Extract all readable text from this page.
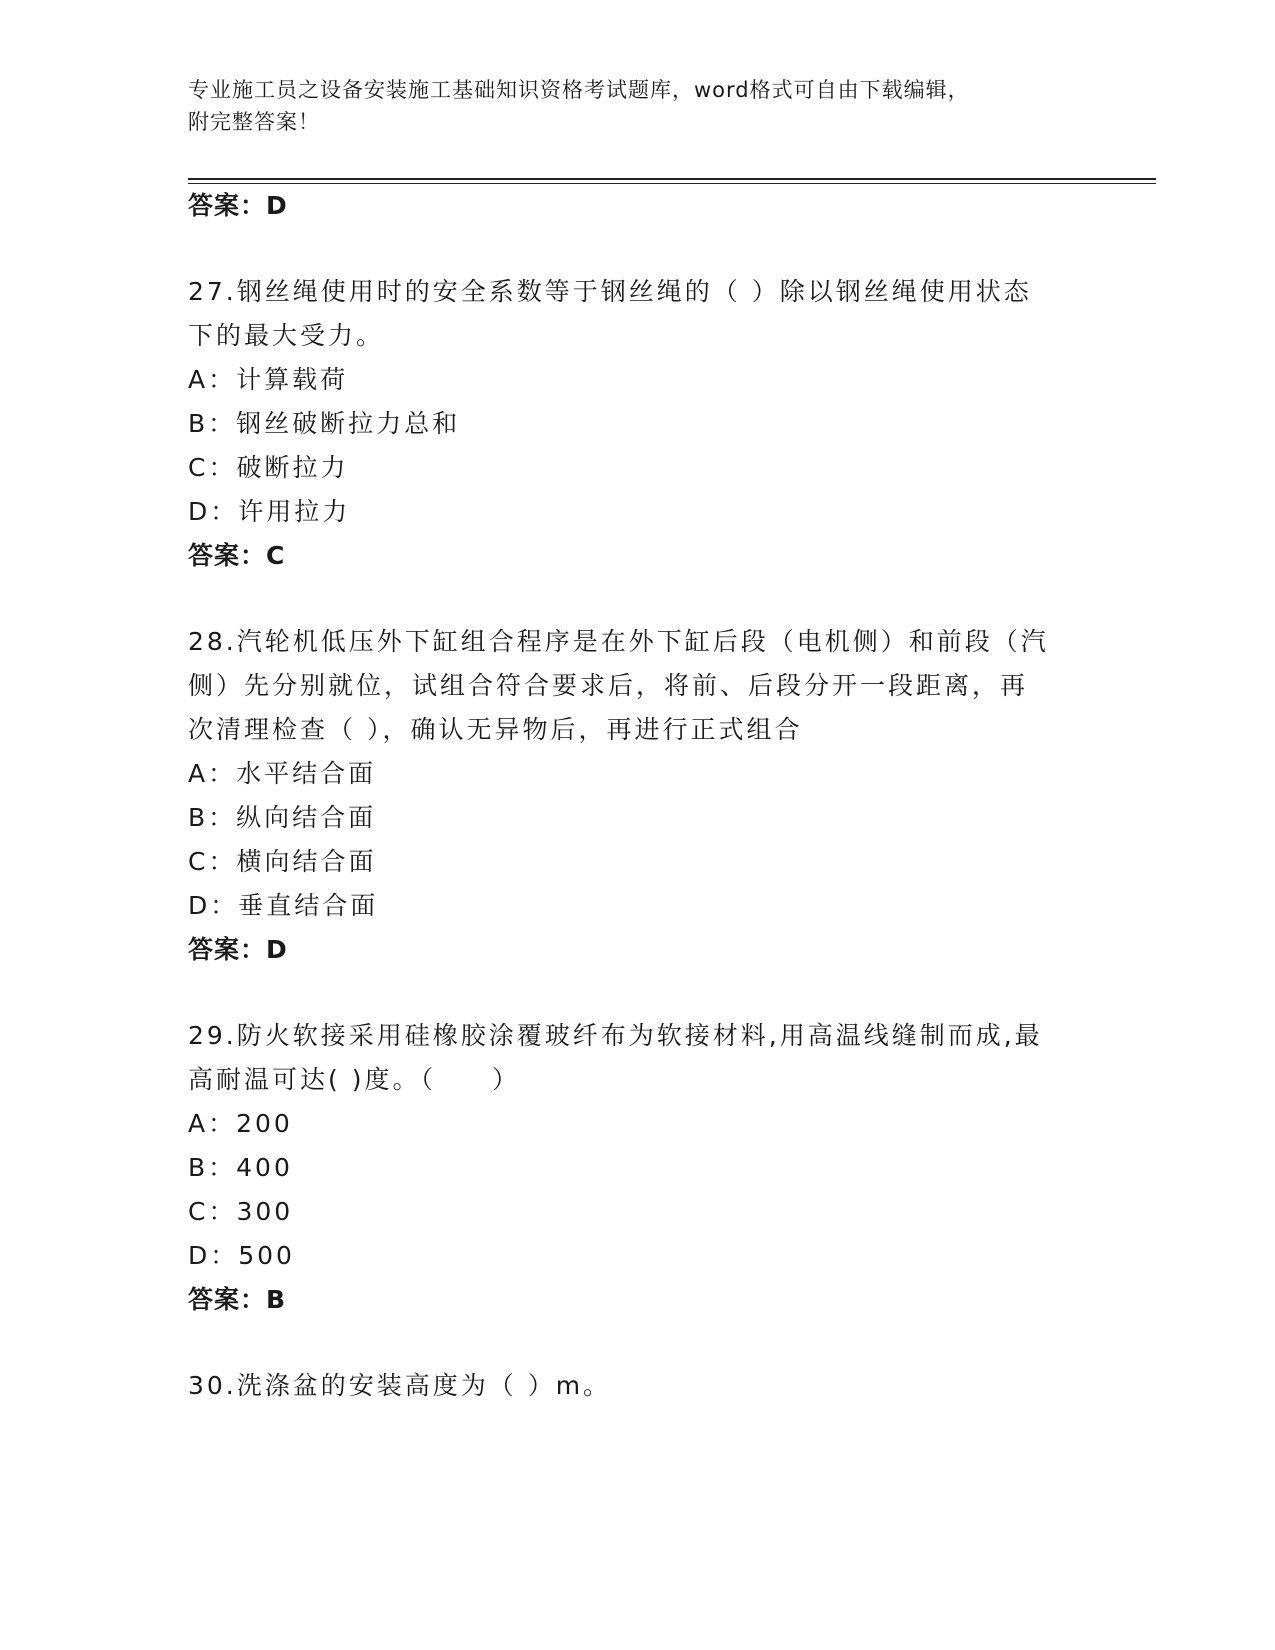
专业施工员之设备安装施工基础知识资格考试题库，word格式可自由下载编辑，
附完整答案！
答案：D
27.钢丝绳使用时的安全系数等于钢丝绳的（ ）除以钢丝绳使用状态
下的最大受力。
A：计算载荷
B：钢丝破断拉力总和
C：破断拉力
D：许用拉力
答案：C
28.汽轮机低压外下缸组合程序是在外下缸后段（电机侧）和前段（汽
侧）先分别就位，试组合符合要求后，将前、后段分开一段距离，再
次清理检查（ ），确认无异物后，再进行正式组合
A：水平结合面
B：纵向结合面
C：横向结合面
D：垂直结合面
答案：D
29.防火软接采用硅橡胶涂覆玻纤布为软接材料,用高温线缝制而成,最
高耐温可达( )度。（　　）
A：200
B：400
C：300
D：500
答案：B
30.洗涤盆的安装高度为（ ）m。
